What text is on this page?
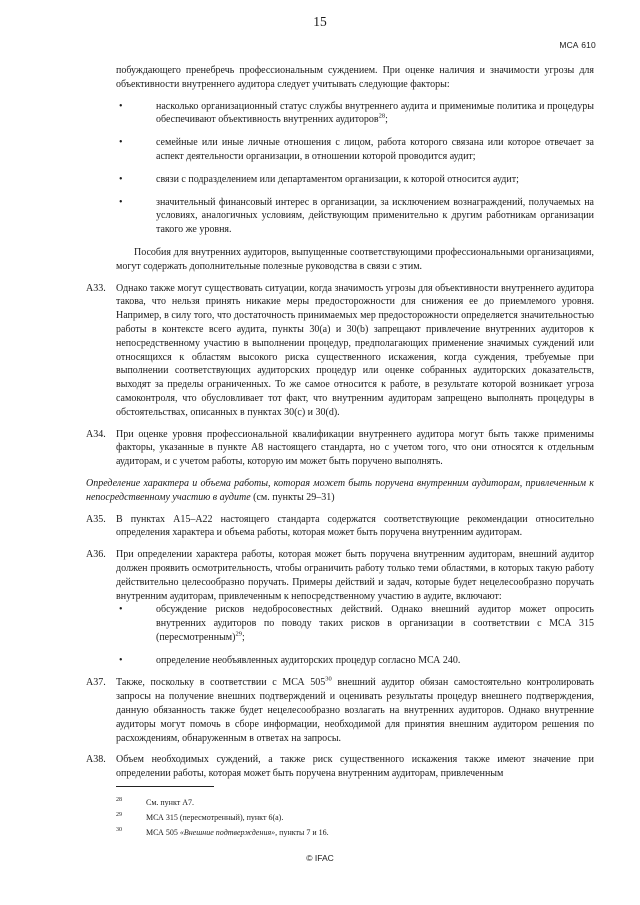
15
МСА 610

побуждающего пренебречь профессиональным суждением. При оценке наличия и значимости угрозы для объективности внутреннего аудитора следует учитывать следующие факторы:

•	насколько организационный статус службы внутреннего аудита и применимые политика и процедуры обеспечивают объективность внутренних аудиторов$^{28}$;
•	семейные или иные личные отношения с лицом, работа которого связана или которое отвечает за аспект деятельности организации, в отношении которой проводится аудит;
•	связи с подразделением или департаментом организации, к которой относится аудит;
•	значительный финансовый интерес в организации, за исключением вознаграждений, получаемых на условиях, аналогичных условиям, действующим применительно к другим работникам организации такого же уровня.

Пособия для внутренних аудиторов, выпущенные соответствующими профессиональными организациями, могут содержать дополнительные полезные руководства в связи с этим.

A33. Однако также могут существовать ситуации, когда значимость угрозы для объективности внутреннего аудитора такова, что нельзя принять никакие меры предосторожности для снижения ее до приемлемого уровня. Например, в силу того, что достаточность принимаемых мер предосторожности определяется значительностью работы в контексте всего аудита, пункты 30(a) и 30(b) запрещают привлечение внутренних аудиторов к непосредственному участию в выполнении процедур, предполагающих применение значимых суждений или относящихся к областям высокого риска существенного искажения, когда суждения, требуемые при выполнении соответствующих аудиторских процедур или оценке собранных аудиторских доказательств, выходят за пределы ограниченных. То же самое относится к работе, в результате которой возникает угроза самоконтроля, что обусловливает тот факт, что внутренним аудиторам запрещено выполнять процедуры в обстоятельствах, описанных в пунктах 30(c) и 30(d).
A34. При оценке уровня профессиональной квалификации внутреннего аудитора могут быть также применимы факторы, указанные в пункте A8 настоящего стандарта, но с учетом того, что они относятся к отдельным аудиторам, и с учетом работы, которую им может быть поручено выполнять.
Определение характера и объема работы, которая может быть поручена внутренним аудиторам, привлеченным к непосредственному участию в аудите (см. пункты 29–31)
A35. В пунктах A15–A22 настоящего стандарта содержатся соответствующие рекомендации относительно определения характера и объема работы, которая может быть поручена внутренним аудиторам.
A36. При определении характера работы, которая может быть поручена внутренним аудиторам, внешний аудитор должен проявить осмотрительность, чтобы ограничить работу только теми областями, в которых такую работу действительно целесообразно поручать. Примеры действий и задач, которые будет нецелесообразно поручать внутренним аудиторам, привлеченным к непосредственному участию в аудите, включают:
•	обсуждение рисков недобросовестных действий. Однако внешний аудитор может опросить внутренних аудиторов по поводу таких рисков в организации в соответствии с МСА 315 (пересмотренным)$^{29}$;
•	определение необъявленных аудиторских процедур согласно МСА 240.
A37. Также, поскольку в соответствии с МСА $505^{30}$ внешний аудитор обязан самостоятельно контролировать запросы на получение внешних подтверждений и оценивать результаты процедур внешнего подтверждения, данную обязанность также будет нецелесообразно возлагать на внутренних аудиторов. Однако внутренние аудиторы могут помочь в сборе информации, необходимой для принятия внешним аудитором решения по расхождениям, обнаруженным в ответах на запросы.
A38. Объем необходимых суждений, а также риск существенного искажения также имеют значение при определении работы, которая может быть поручена внутренним аудиторам, привлеченным
28	См. пункт A7.
29	МСА 315 (пересмотренный), пункт 6(a).
30	МСА 505 «Внешние подтверждения», пункты 7 и 16.
© IFAC
